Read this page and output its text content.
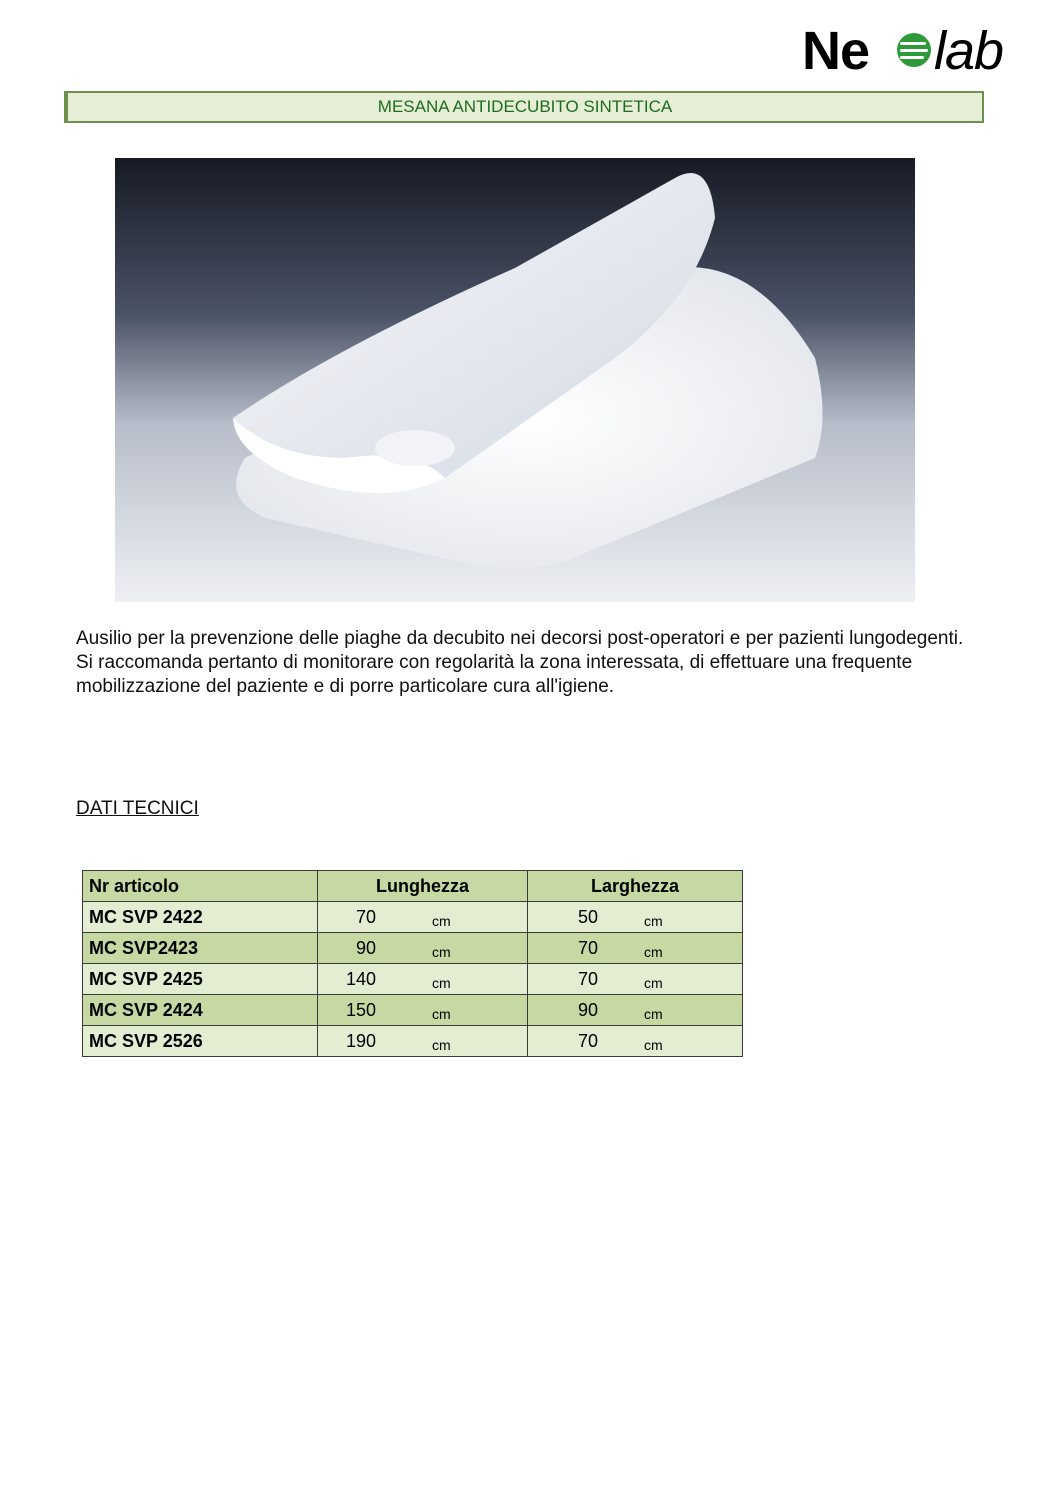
Ne lab
MESANA ANTIDECUBITO SINTETICA

Ausilio per la prevenzione delle piaghe da decubito nei decorsi post-operatori e per pazienti lungodegenti.

Si raccomanda pertanto di monitorare con regolarità la zona interessata, di effettuare una frequente mobilizzazione del paziente e di porre particolare cura all'igiene.

DATI TECNICI
Nr articolo	Lunghezza	Larghezza
MC SVP 2422	70 cm	50 cm
MC SVP2423	90 cm	70 cm
MC SVP 2425	140 cm	70 cm
MC SVP 2424	150 cm	90 cm
MC SVP 2526	190 cm	70 cm
